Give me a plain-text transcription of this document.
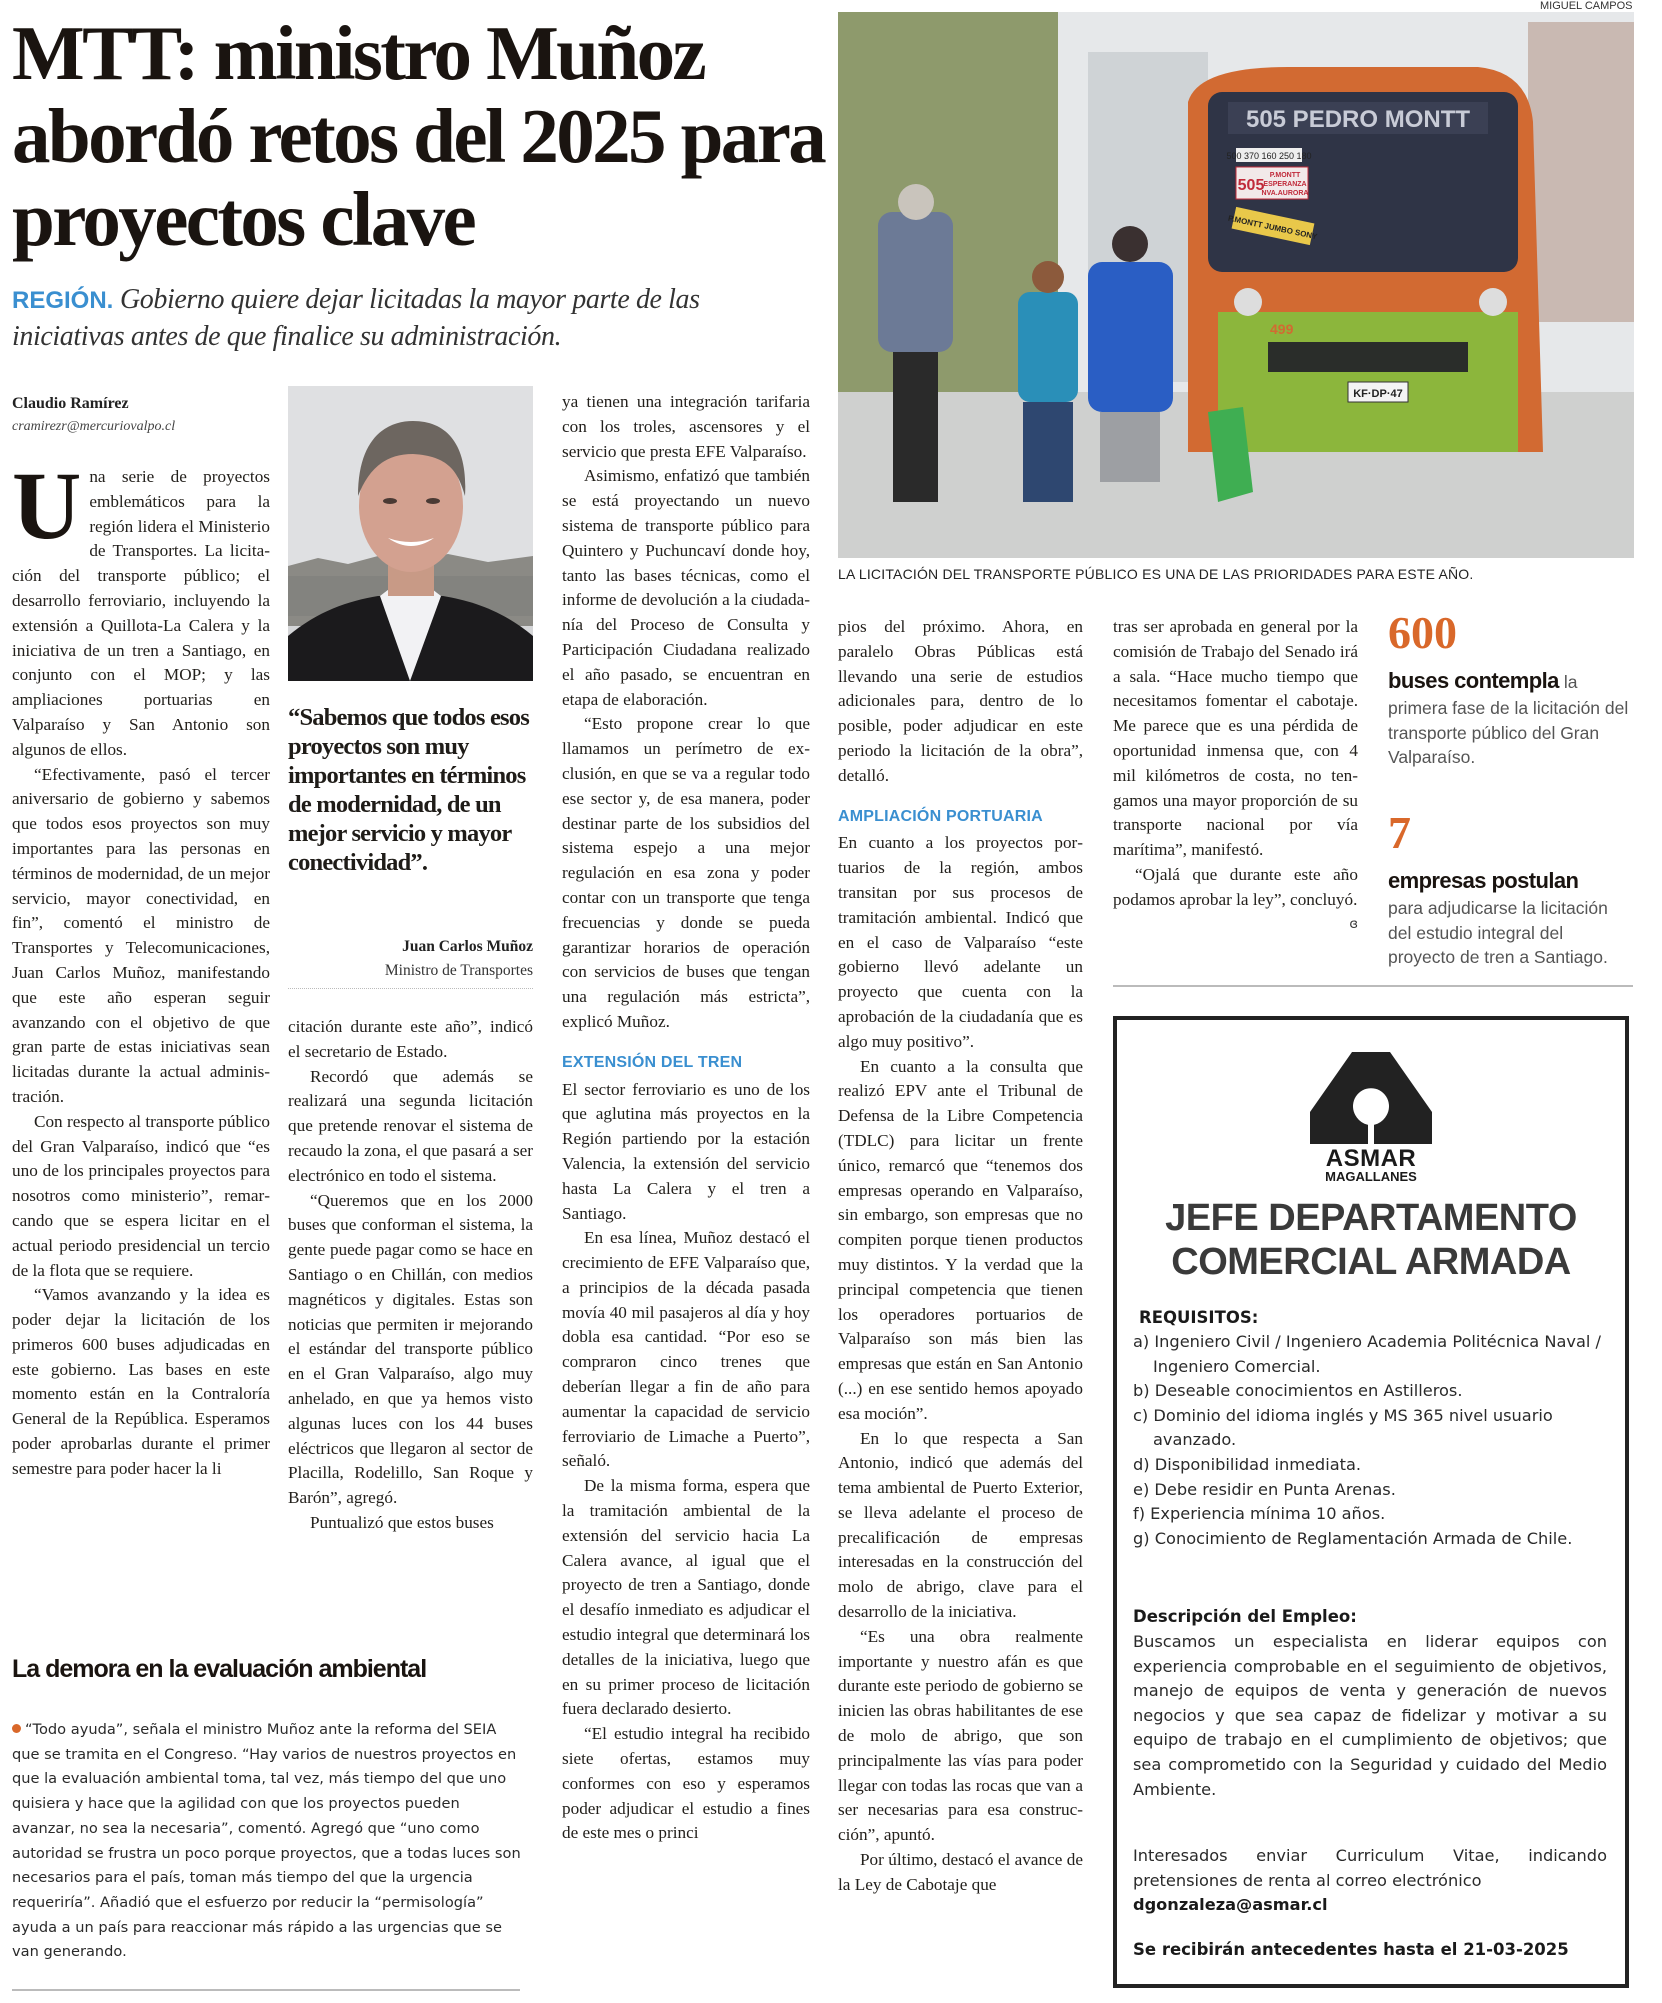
MTT: ministro Muñoz abordó retos del 2025 para proyectos clave
REGIÓN. Gobierno quiere dejar licitadas la mayor parte de las iniciativas antes de que finalice su administración.
Claudio Ramírez
cramirezr@mercuriovalpo.cl

Una serie de proyectos emblemáticos para la región lidera el Ministerio de Transportes. La licitación del transporte público; el desarrollo ferroviario, incluyendo la extensión a Quillota-La Calera y la iniciativa de un tren a Santiago, en conjunto con el MOP; y las ampliaciones portuarias en Valparaíso y San Antonio son algunos de ellos.

“Efectivamente, pasó el tercer aniversario de gobierno y sabemos que todos esos proyectos son muy importantes para las personas en términos de modernidad, de un mejor servicio, mayor conectividad, en fin”, comentó el ministro de Transportes y Telecomunicaciones, Juan Carlos Muñoz, manifestando que este año esperan seguir avanzando con el objetivo de que gran parte de estas iniciativas sean licitadas durante la actual administración.

Con respecto al transporte público del Gran Valparaíso, indicó que “es uno de los principales proyectos para nosotros como ministerio”, remarcando que se espera licitar en el actual periodo presidencial un tercio de la flota que se requiere.

“Vamos avanzando y la idea es poder dejar la licitación de los primeros 600 buses adjudicadas en este gobierno. Las bases en este momento están en la Contraloría General de la República. Esperamos poder aprobarlas durante el primer semestre para poder hacer la li

“Sabemos que todos esos proyectos son muy importantes en términos de modernidad, de un mejor servicio y mayor conectividad”.
Juan Carlos Muñoz
Ministro de Transportes

citación durante este año”, indicó el secretario de Estado.

Recordó que además se realizará una segunda licitación que pretende renovar el sistema de recaudo la zona, el que pasará a ser electrónico en todo el sistema.

“Queremos que en los 2000 buses que conforman el sistema, la gente puede pagar como se hace en Santiago o en Chillán, con medios magnéticos y digitales. Estas son noticias que permiten ir mejorando el estándar del transporte público en el Gran Valparaíso, algo muy anhelado, en que ya hemos visto algunas luces con los 44 buses eléctricos que llegaron al sector de Placilla, Rodelillo, San Roque y Barón”, agregó.

Puntualizó que estos buses

ya tienen una integración tarifaria con los troles, ascensores y el servicio que presta EFE Valparaíso.

Asimismo, enfatizó que también se está proyectando un nuevo sistema de transporte público para Quintero y Puchuncaví donde hoy, tanto las bases técnicas, como el informe de devolución a la ciudadanía del Proceso de Consulta y Participación Ciudadana realizado el año pasado, se encuentran en etapa de elaboración.

“Esto propone crear lo que llamamos un perímetro de exclusión, en que se va a regular todo ese sector y, de esa manera, poder destinar parte de los subsidios del sistema espejo a una mejor regulación en esa zona y poder contar con un transporte que tenga frecuencias y donde se pueda garantizar horarios de operación con servicios de buses que tengan una regulación más estricta”, explicó Muñoz.

EXTENSIÓN DEL TREN

El sector ferroviario es uno de los que aglutina más proyectos en la Región partiendo por la estación Valencia, la extensión del servicio hasta La Calera y el tren a Santiago.

En esa línea, Muñoz destacó el crecimiento de EFE Valparaíso que, a principios de la década pasada movía 40 mil pasajeros al día y hoy dobla esa cantidad. “Por eso se compraron cinco trenes que deberían llegar a fin de año para aumentar la capacidad de servicio ferroviario de Limache a Puerto”, señaló.

De la misma forma, espera que la tramitación ambiental de la extensión del servicio hacia La Calera avance, al igual que el proyecto de tren a Santiago, donde el desafío inmediato es adjudicar el estudio integral que determinará los detalles de la iniciativa, luego que en su primer proceso de licitación fuera declarado desierto.

“El estudio integral ha recibido siete ofertas, estamos muy conformes con eso y esperamos poder adjudicar el estudio a fines de este mes o princi

MIGUEL CAMPOS
505 PEDRO MONTT
500 370 160 250 180
505
P.MONTT
ESPERANZA
NVA.AURORA
P.MONTT JUMBO SONY
499
KF·DP·47
LA LICITACIÓN DEL TRANSPORTE PÚBLICO ES UNA DE LAS PRIORIDADES PARA ESTE AÑO.

pios del próximo. Ahora, en paralelo Obras Públicas está llevando una serie de estudios adicionales para, dentro de lo posible, poder adjudicar en este periodo la licitación de la obra”, detalló.

AMPLIACIÓN PORTUARIA

En cuanto a los proyectos portuarios de la región, ambos transitan por sus procesos de tramitación ambiental. Indicó que en el caso de Valparaíso “este gobierno llevó adelante un proyecto que cuenta con la aprobación de la ciudadanía que es algo muy positivo”.

En cuanto a la consulta que realizó EPV ante el Tribunal de Defensa de la Libre Competencia (TDLC) para licitar un frente único, remarcó que “tenemos dos empresas operando en Valparaíso, sin embargo, son empresas que no compiten porque tienen productos muy distintos. Y la verdad que la principal competencia que tienen los operadores portuarios de Valparaíso son más bien las empresas que están en San Antonio (...) en ese sentido hemos apoyado esa moción”.

En lo que respecta a San Antonio, indicó que además del tema ambiental de Puerto Exterior, se lleva adelante el proceso de precalificación de empresas interesadas en la construcción del molo de abrigo, clave para el desarrollo de la iniciativa.

“Es una obra realmente importante y nuestro afán es que durante este periodo de gobierno se inicien las obras habilitantes de ese de molo de abrigo, que son principalmente las vías para poder llegar con todas las rocas que van a ser necesarias para esa construcción”, apuntó.

Por último, destacó el avance de la Ley de Cabotaje que

tras ser aprobada en general por la comisión de Trabajo del Senado irá a sala. “Hace mucho tiempo que necesitamos fomentar el cabotaje. Me parece que es una pérdida de oportunidad inmensa que, con 4 mil kilómetros de costa, no tengamos una mayor proporción de su transporte nacional por vía marítima”, manifestó.

“Ojalá que durante este año podamos aprobar la ley”, concluyó.
ɞ

600
buses contempla la
primera fase de la licitación del transporte público del Gran Valparaíso.
7
empresas postulan
para adjudicarse la licitación del estudio integral del proyecto de tren a Santiago.
La demora en la evaluación ambiental
“Todo ayuda”, señala el ministro Muñoz ante la reforma del SEIA que se tramita en el Congreso. “Hay varios de nuestros proyectos en que la evaluación ambiental toma, tal vez, más tiempo del que uno quisiera y hace que la agilidad con que los proyectos pueden avanzar, no sea la necesaria”, comentó. Agregó que “uno como autoridad se frustra un poco porque proyectos, que a todas luces son necesarios para el país, toman más tiempo del que la urgencia requeriría”. Añadió que el esfuerzo por reducir la “permisología” ayuda a un país para reaccionar más rápido a las urgencias que se van generando.
ASMAR
MAGALLANES
JEFE DEPARTAMENTO
COMERCIAL ARMADA
REQUISITOS:
a) Ingeniero Civil / Ingeniero Academia Politécnica Naval / Ingeniero Comercial.
b) Deseable conocimientos en Astilleros.
c) Dominio del idioma inglés y MS 365 nivel usuario avanzado.
d) Disponibilidad inmediata.
e) Debe residir en Punta Arenas.
f) Experiencia mínima 10 años.
g) Conocimiento de Reglamentación Armada de Chile.
Descripción del Empleo:
Buscamos un especialista en liderar equipos con experiencia comprobable en el seguimiento de objetivos, manejo de equipos de venta y generación de nuevos negocios y que sea capaz de fidelizar y motivar a su equipo de trabajo en el cumplimiento de objetivos; que sea comprometido con la Seguridad y cuidado del Medio Ambiente.
Interesados enviar Curriculum Vitae, indicando pretensiones de renta al correo electrónico
dgonzaleza@asmar.cl
Se recibirán antecedentes hasta el 21-03-2025
